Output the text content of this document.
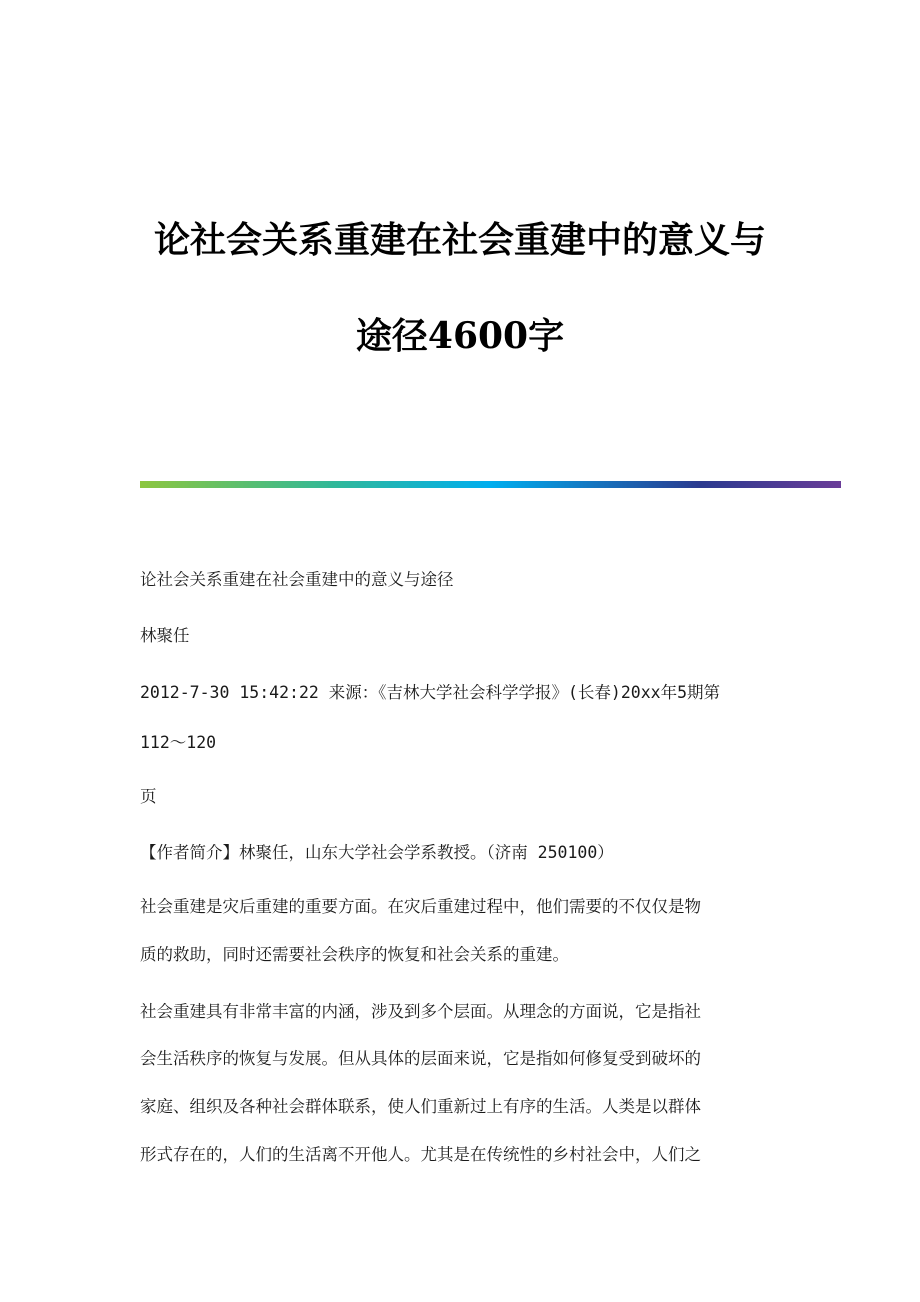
论社会关系重建在社会重建中的意义与
途径4600字

论社会关系重建在社会重建中的意义与途径

林聚任

2012-7-30 15:42:22 来源：《吉林大学社会科学学报》(长春)20xx年5期第

112～120

页

【作者简介】林聚任，山东大学社会学系教授。（济南 250100）

社会重建是灾后重建的重要方面。在灾后重建过程中，他们需要的不仅仅是物

质的救助，同时还需要社会秩序的恢复和社会关系的重建。

社会重建具有非常丰富的内涵，涉及到多个层面。从理念的方面说，它是指社

会生活秩序的恢复与发展。但从具体的层面来说，它是指如何修复受到破坏的

家庭、组织及各种社会群体联系，使人们重新过上有序的生活。人类是以群体

形式存在的，人们的生活离不开他人。尤其是在传统性的乡村社会中，人们之
